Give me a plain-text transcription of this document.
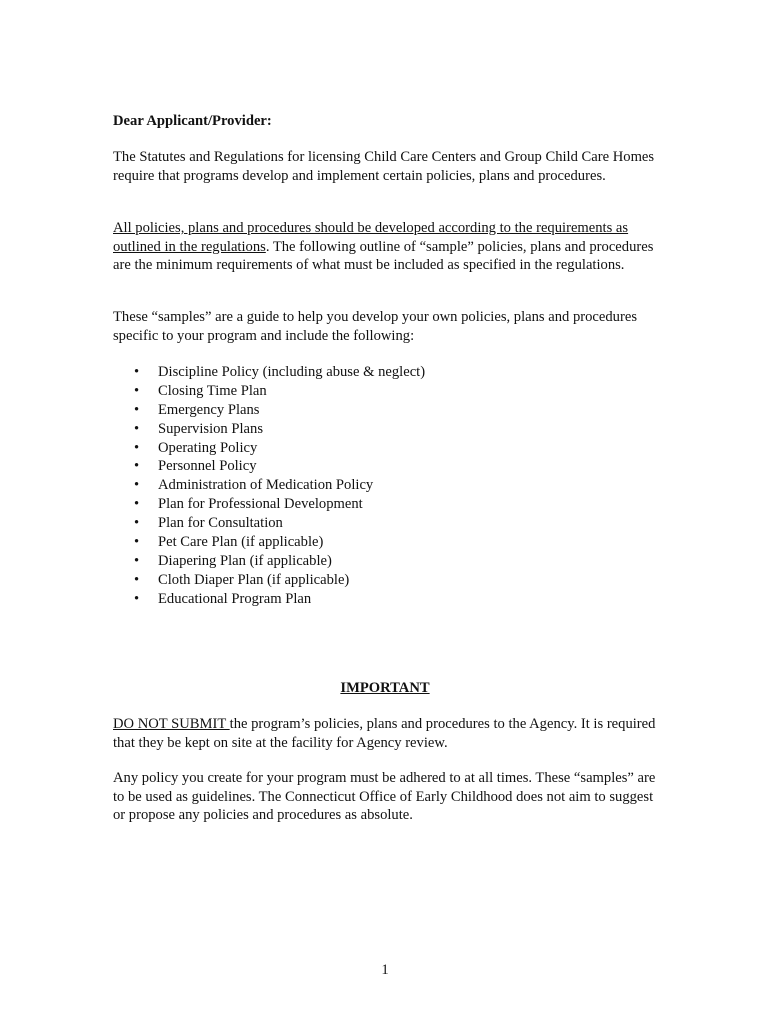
Dear Applicant/Provider:

The Statutes and Regulations for licensing Child Care Centers and Group Child Care Homes require that programs develop and implement certain policies, plans and procedures.

All policies, plans and procedures should be developed according to the requirements as outlined in the regulations. The following outline of “sample” policies, plans and procedures are the minimum requirements of what must be included as specified in the regulations.

These “samples” are a guide to help you develop your own policies, plans and procedures specific to your program and include the following:

• Discipline Policy (including abuse & neglect)
• Closing Time Plan
• Emergency Plans
• Supervision Plans
• Operating Policy
• Personnel Policy
• Administration of Medication Policy
• Plan for Professional Development
• Plan for Consultation
• Pet Care Plan (if applicable)
• Diapering Plan (if applicable)
• Cloth Diaper Plan (if applicable)
• Educational Program Plan

IMPORTANT

DO NOT SUBMIT the program’s policies, plans and procedures to the Agency. It is required that they be kept on site at the facility for Agency review.

Any policy you create for your program must be adhered to at all times. These “samples” are to be used as guidelines. The Connecticut Office of Early Childhood does not aim to suggest or propose any policies and procedures as absolute.

1
